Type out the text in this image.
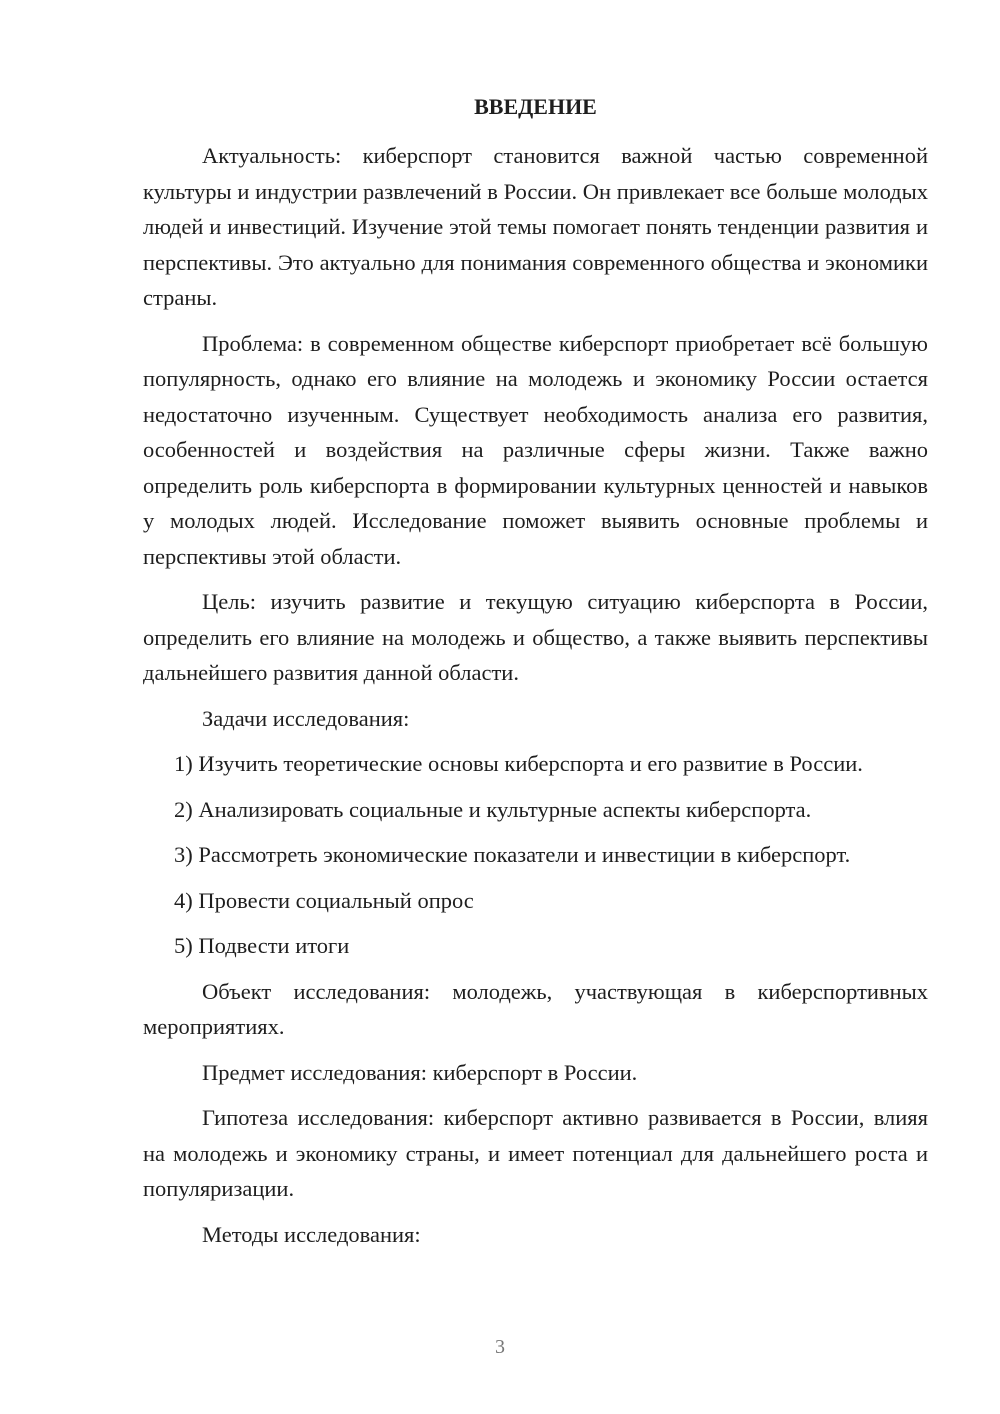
ВВЕДЕНИЕ

Актуальность: киберспорт становится важной частью современной культуры и индустрии развлечений в России. Он привлекает все больше молодых людей и инвестиций. Изучение этой темы помогает понять тенденции развития и перспективы. Это актуально для понимания современного общества и экономики страны.

Проблема: в современном обществе киберспорт приобретает всё большую популярность, однако его влияние на молодежь и экономику России остается недостаточно изученным. Существует необходимость анализа его развития, особенностей и воздействия на различные сферы жизни. Также важно определить роль киберспорта в формировании культурных ценностей и навыков у молодых людей. Исследование поможет выявить основные проблемы и перспективы этой области.

Цель: изучить развитие и текущую ситуацию киберспорта в России, определить его влияние на молодежь и общество, а также выявить перспективы дальнейшего развития данной области.

Задачи исследования:

1) Изучить теоретические основы киберспорта и его развитие в России.

2) Анализировать социальные и культурные аспекты киберспорта.

3) Рассмотреть экономические показатели и инвестиции в киберспорт.

4) Провести социальный опрос

5) Подвести итоги

Объект исследования: молодежь, участвующая в киберспортивных мероприятиях.

Предмет исследования: киберспорт в России.

Гипотеза исследования: киберспорт активно развивается в России, влияя на молодежь и экономику страны, и имеет потенциал для дальнейшего роста и популяризации.

Методы исследования:

3
